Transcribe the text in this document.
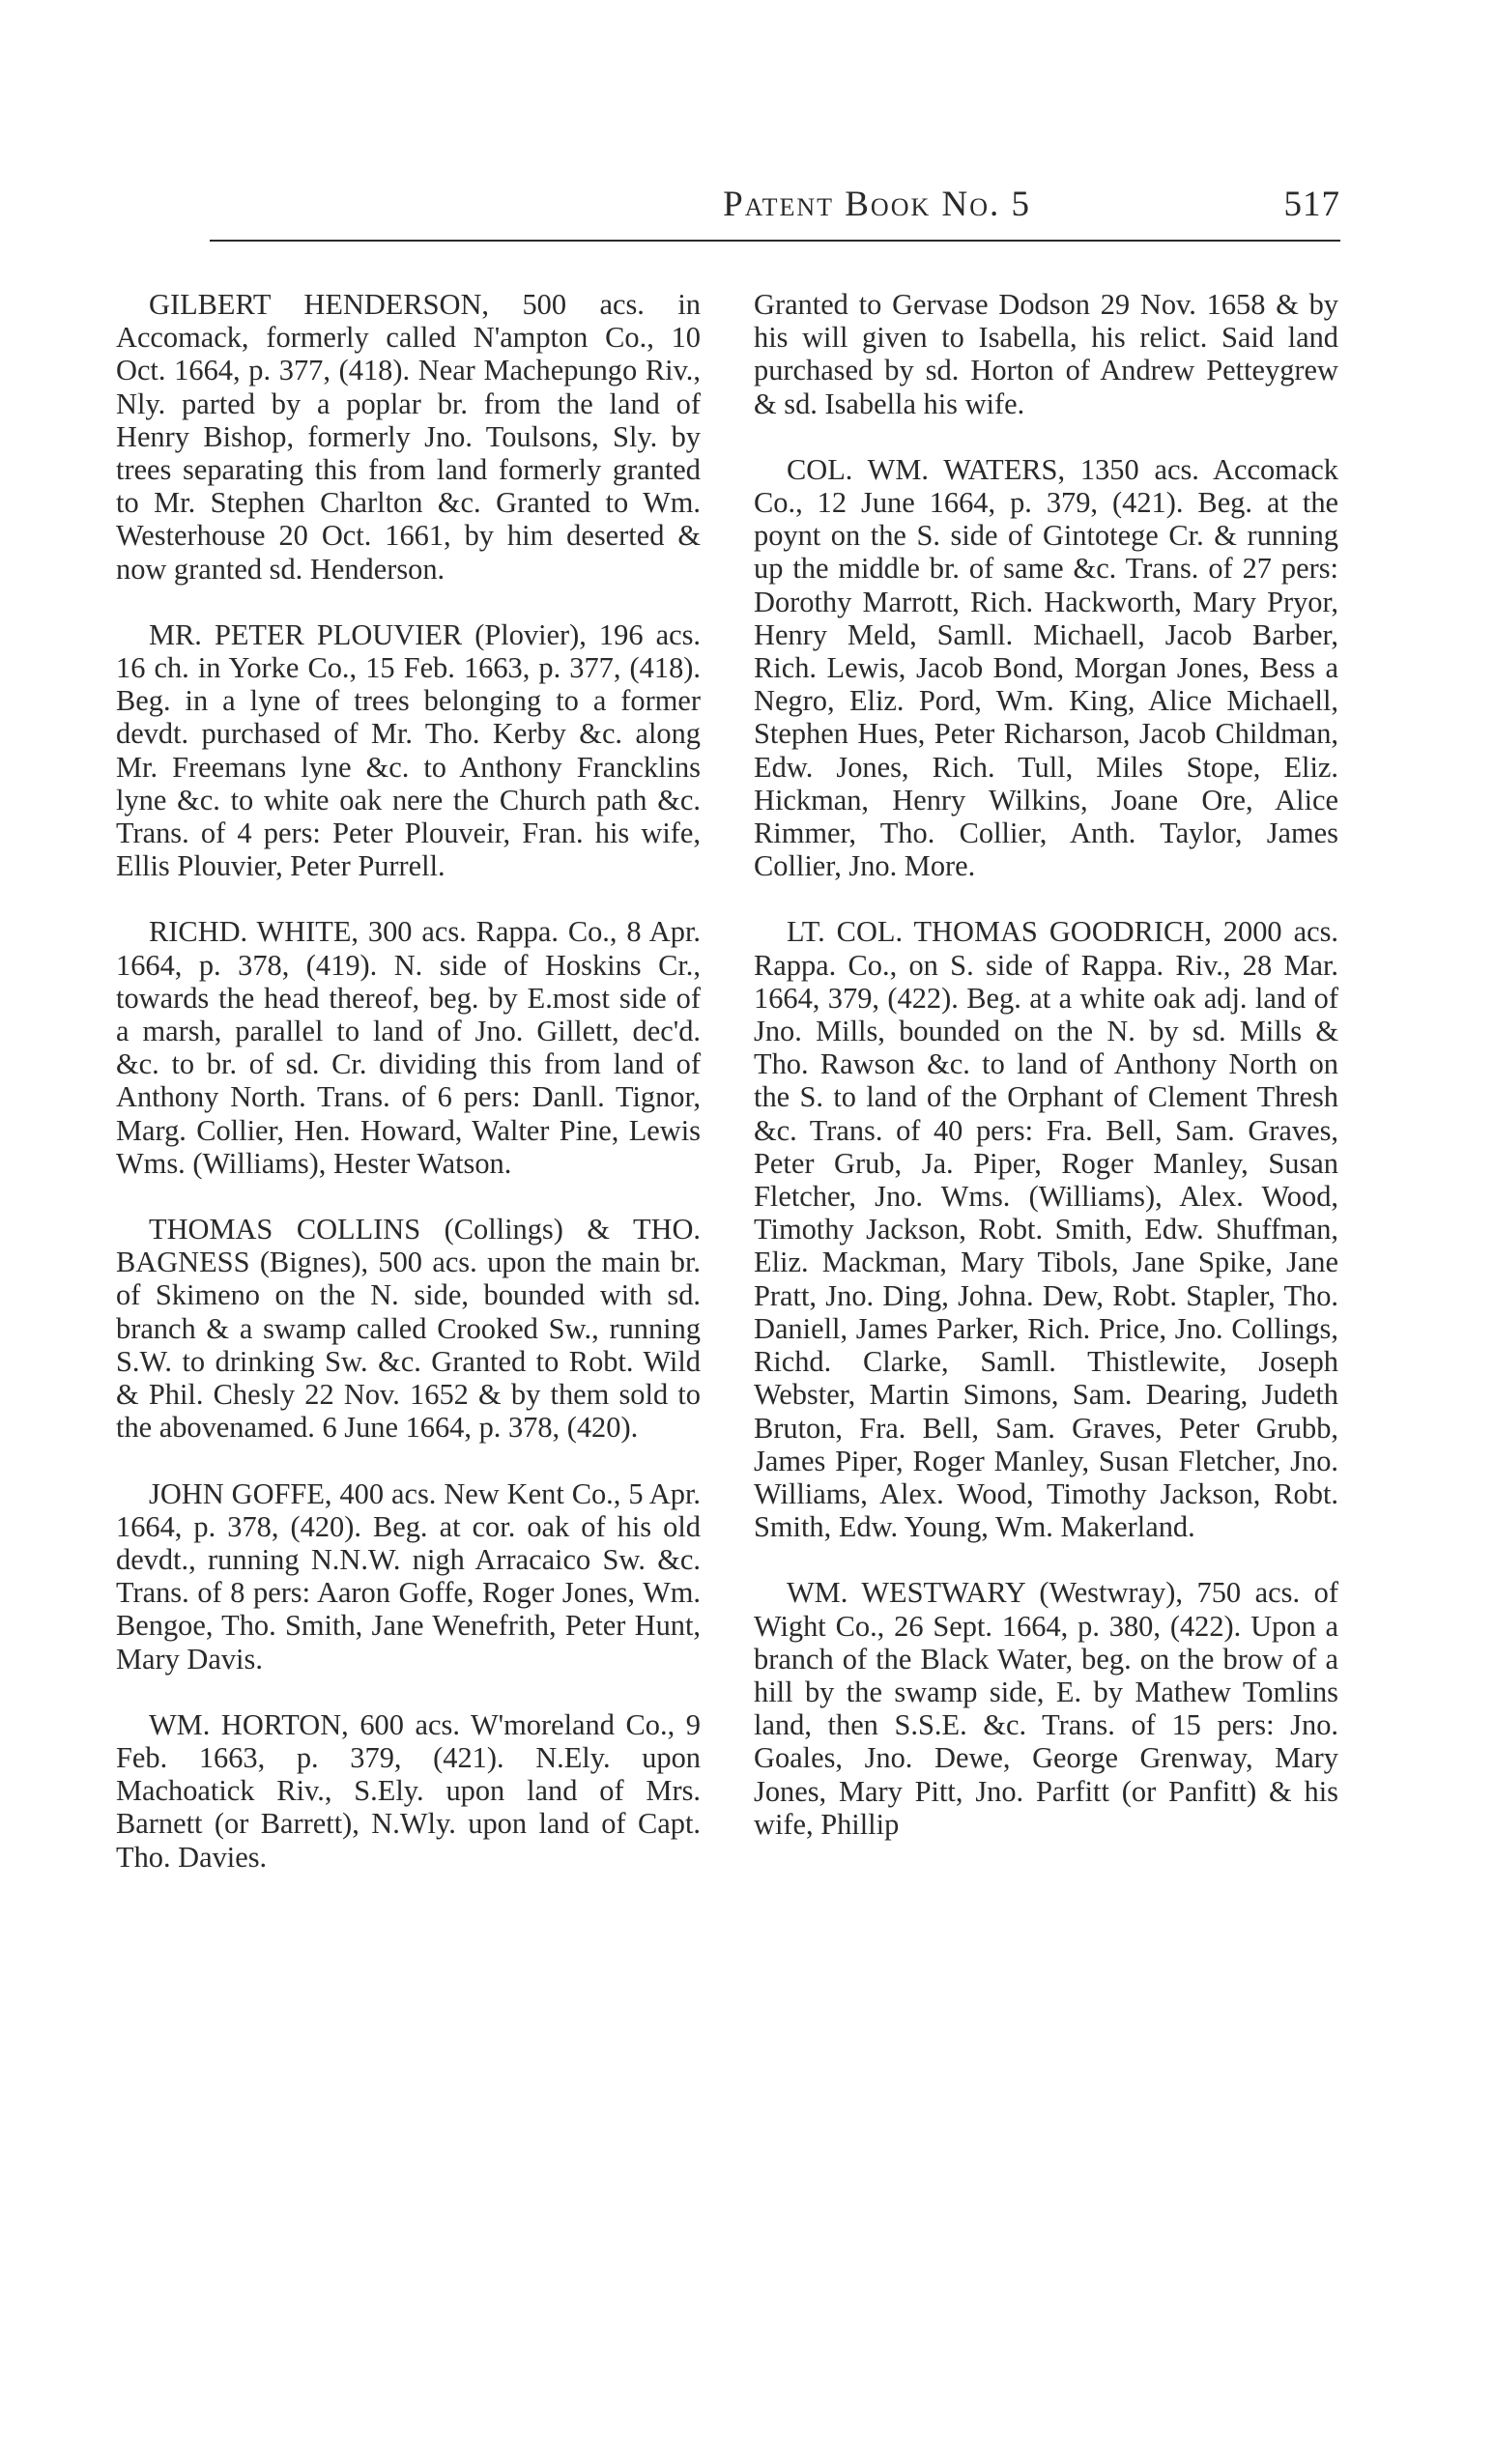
Patent Book No. 5	517

GILBERT HENDERSON, 500 acs. in Accomack, formerly called N'ampton Co., 10 Oct. 1664, p. 377, (418). Near Machepungo Riv., Nly. parted by a poplar br. from the land of Henry Bishop, formerly Jno. Toulsons, Sly. by trees separating this from land formerly granted to Mr. Stephen Charlton &c. Granted to Wm. Westerhouse 20 Oct. 1661, by him deserted & now granted sd. Henderson.

MR. PETER PLOUVIER (Plovier), 196 acs. 16 ch. in Yorke Co., 15 Feb. 1663, p. 377, (418). Beg. in a lyne of trees belonging to a former devdt. purchased of Mr. Tho. Kerby &c. along Mr. Freemans lyne &c. to Anthony Francklins lyne &c. to white oak nere the Church path &c. Trans. of 4 pers: Peter Plouveir, Fran. his wife, Ellis Plouvier, Peter Purrell.

RICHD. WHITE, 300 acs. Rappa. Co., 8 Apr. 1664, p. 378, (419). N. side of Hoskins Cr., towards the head thereof, beg. by E.most side of a marsh, parallel to land of Jno. Gillett, dec'd. &c. to br. of sd. Cr. dividing this from land of Anthony North. Trans. of 6 pers: Danll. Tignor, Marg. Collier, Hen. Howard, Walter Pine, Lewis Wms. (Williams), Hester Watson.

THOMAS COLLINS (Collings) & THO. BAGNESS (Bignes), 500 acs. upon the main br. of Skimeno on the N. side, bounded with sd. branch & a swamp called Crooked Sw., running S.W. to drinking Sw. &c. Granted to Robt. Wild & Phil. Chesly 22 Nov. 1652 & by them sold to the abovenamed. 6 June 1664, p. 378, (420).

JOHN GOFFE, 400 acs. New Kent Co., 5 Apr. 1664, p. 378, (420). Beg. at cor. oak of his old devdt., running N.N.W. nigh Arracaico Sw. &c. Trans. of 8 pers: Aaron Goffe, Roger Jones, Wm. Bengoe, Tho. Smith, Jane Wenefrith, Peter Hunt, Mary Davis.

WM. HORTON, 600 acs. W'moreland Co., 9 Feb. 1663, p. 379, (421). N.Ely. upon Machoatick Riv., S.Ely. upon land of Mrs. Barnett (or Barrett), N.Wly. upon land of Capt. Tho. Davies.

Granted to Gervase Dodson 29 Nov. 1658 & by his will given to Isabella, his relict. Said land purchased by sd. Horton of Andrew Petteygrew & sd. Isabella his wife.

COL. WM. WATERS, 1350 acs. Accomack Co., 12 June 1664, p. 379, (421). Beg. at the poynt on the S. side of Gintotege Cr. & running up the middle br. of same &c. Trans. of 27 pers: Dorothy Marrott, Rich. Hackworth, Mary Pryor, Henry Meld, Samll. Michaell, Jacob Barber, Rich. Lewis, Jacob Bond, Morgan Jones, Bess a Negro, Eliz. Pord, Wm. King, Alice Michaell, Stephen Hues, Peter Richarson, Jacob Childman, Edw. Jones, Rich. Tull, Miles Stope, Eliz. Hickman, Henry Wilkins, Joane Ore, Alice Rimmer, Tho. Collier, Anth. Taylor, James Collier, Jno. More.

LT. COL. THOMAS GOODRICH, 2000 acs. Rappa. Co., on S. side of Rappa. Riv., 28 Mar. 1664, 379, (422). Beg. at a white oak adj. land of Jno. Mills, bounded on the N. by sd. Mills & Tho. Rawson &c. to land of Anthony North on the S. to land of the Orphant of Clement Thresh &c. Trans. of 40 pers: Fra. Bell, Sam. Graves, Peter Grub, Ja. Piper, Roger Manley, Susan Fletcher, Jno. Wms. (Williams), Alex. Wood, Timothy Jackson, Robt. Smith, Edw. Shuffman, Eliz. Mackman, Mary Tibols, Jane Spike, Jane Pratt, Jno. Ding, Johna. Dew, Robt. Stapler, Tho. Daniell, James Parker, Rich. Price, Jno. Collings, Richd. Clarke, Samll. Thistlewite, Joseph Webster, Martin Simons, Sam. Dearing, Judeth Bruton, Fra. Bell, Sam. Graves, Peter Grubb, James Piper, Roger Manley, Susan Fletcher, Jno. Williams, Alex. Wood, Timothy Jackson, Robt. Smith, Edw. Young, Wm. Makerland.

WM. WESTWARY (Westwray), 750 acs. of Wight Co., 26 Sept. 1664, p. 380, (422). Upon a branch of the Black Water, beg. on the brow of a hill by the swamp side, E. by Mathew Tomlins land, then S.S.E. &c. Trans. of 15 pers: Jno. Goales, Jno. Dewe, George Grenway, Mary Jones, Mary Pitt, Jno. Parfitt (or Panfitt) & his wife, Phillip
